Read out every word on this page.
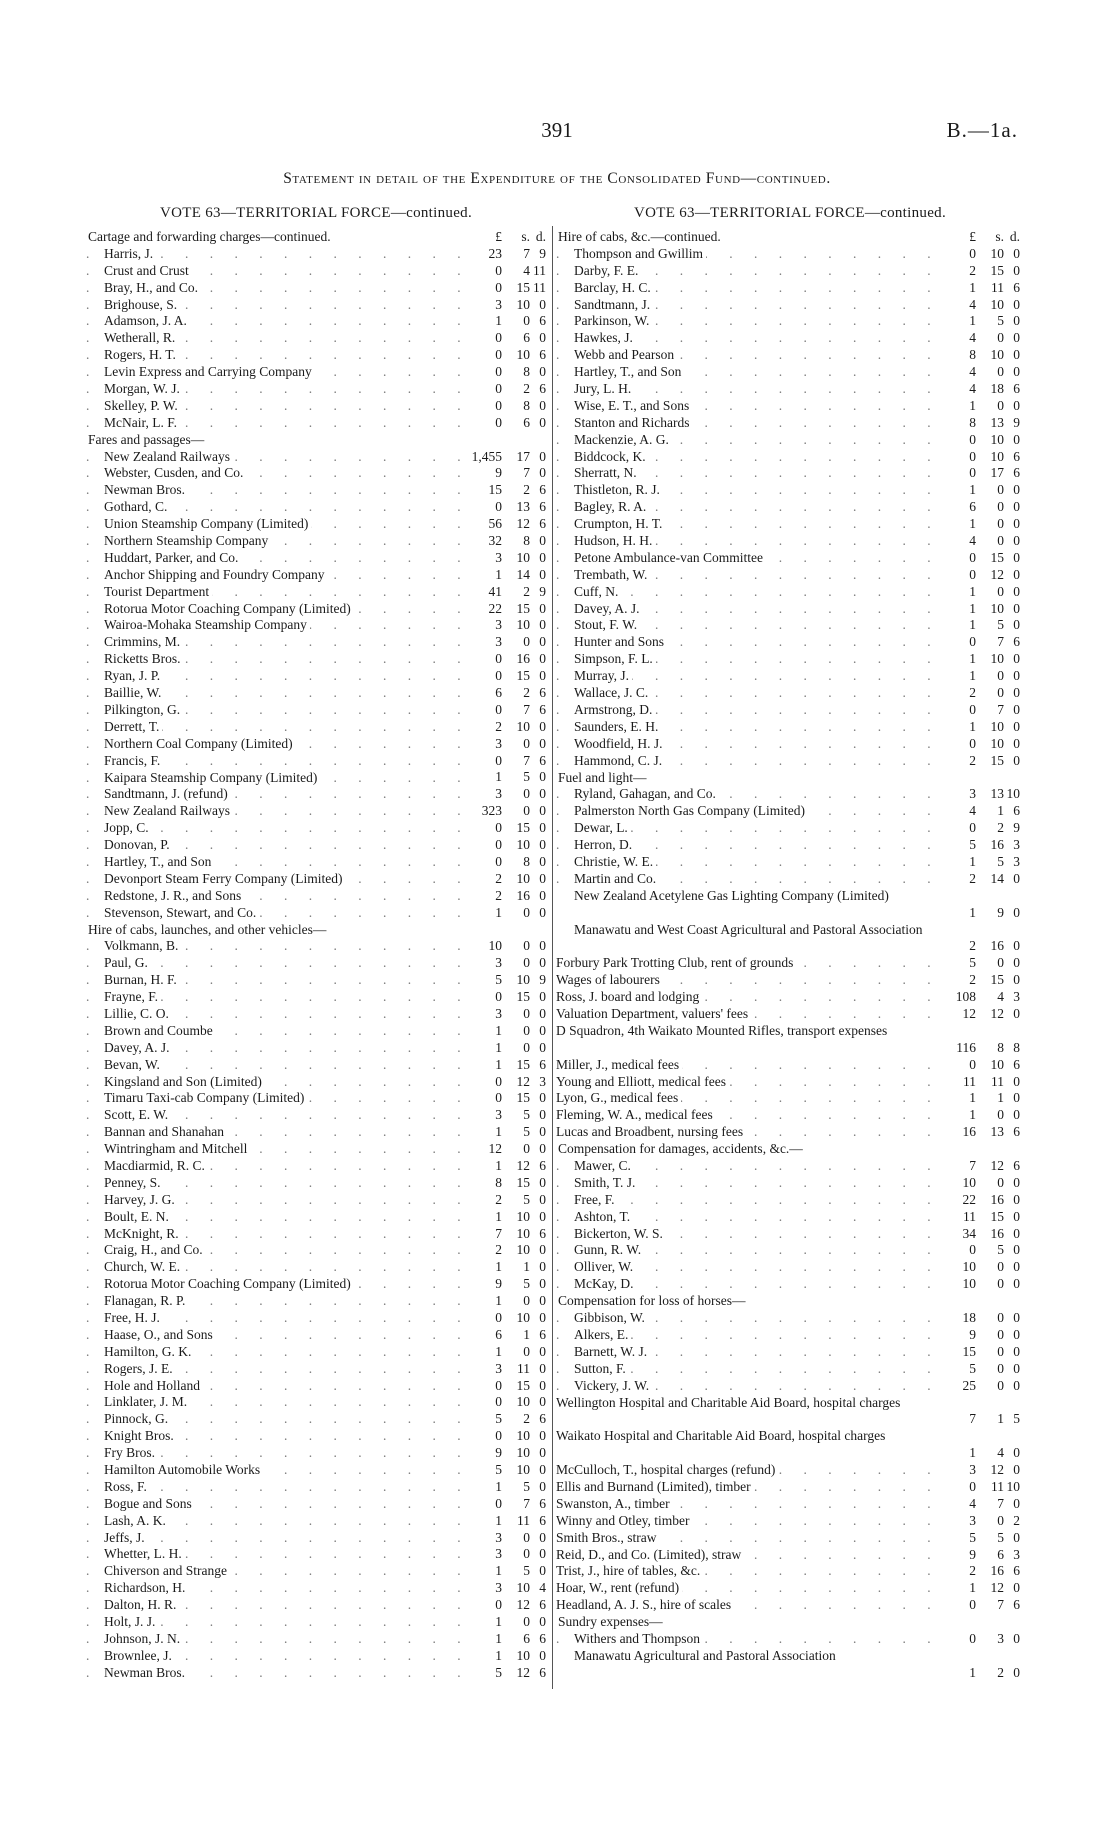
391	B.—1a.
Statement in detail of the Expenditure of the Consolidated Fund—continued.
VOTE 63—TERRITORIAL FORCE—continued.	VOTE 63—TERRITORIAL FORCE—continued.
Cartage and forwarding charges—continued.	£	s. d.
Harris, J. . . .	23	7 9
Crust and Crust . . .	0	4 11
Bray, H., and Co. . . .	0	15 11
Brighouse, S. . . .	3	10 0
Adamson, J. A. . . .	1	0 6
Wetherall, R. . . .	0	6 0
Rogers, H. T. . . .	0	10 6
Levin Express and Carrying Company . . .	0	8 0
Morgan, W. J. . . .	0	2 6
Skelley, P. W. . . .	0	8 0
McNair, L. F. . . .	0	6 0
Fares and passages—
New Zealand Railways . . .	1,455	17 0
Webster, Cusden, and Co. . . .	9	7 0
Newman Bros. . . .	15	2 6
Gothard, C. . . .	0	13 6
Union Steamship Company (Limited) . . .	56	12 6
Northern Steamship Company . . .	32	8 0
Huddart, Parker, and Co. . . .	3	10 0
Anchor Shipping and Foundry Company . . .	1	14 0
Tourist Department . . .	41	2 9
Rotorua Motor Coaching Company (Limited) . . .	22	15 0
Wairoa-Mohaka Steamship Company . . .	3	10 0
Crimmins, M. . . .	3	0 0
Ricketts Bros. . . .	0	16 0
Ryan, J. P. . . .	0	15 0
Baillie, W. . . .	6	2 6
Pilkington, G. . . .	0	7 6
Derrett, T. . . .	2	10 0
Northern Coal Company (Limited) . . .	3	0 0
Francis, F. . . .	0	7 6
Kaipara Steamship Company (Limited) . . .	1	5 0
Sandtmann, J. (refund) . . .	3	0 0
New Zealand Railways . . .	323	0 0
Jopp, C. . . .	0	15 0
Donovan, P. . . .	0	10 0
Hartley, T., and Son . . .	0	8 0
Devonport Steam Ferry Company (Limited) . . .	2	10 0
Redstone, J. R., and Sons . . .	2	16 0
Stevenson, Stewart, and Co. . . .	1	0 0
Hire of cabs, launches, and other vehicles—
Volkmann, B. . . .	10	0 0
Paul, G. . . .	3	0 0
Burnan, H. F. . . .	5	10 9
Frayne, F. . . .	0	15 0
Lillie, C. O. . . .	3	0 0
Brown and Coumbe . . .	1	0 0
Davey, A. J. . . .	1	0 0
Bevan, W. . . .	1	15 6
Kingsland and Son (Limited) . . .	0	12 3
Timaru Taxi-cab Company (Limited) . . .	0	15 0
Scott, E. W. . . .	3	5 0
Bannan and Shanahan . . .	1	5 0
Wintringham and Mitchell . . .	12	0 0
Macdiarmid, R. C. . . .	1	12 6
Penney, S. . . .	8	15 0
Harvey, J. G. . . .	2	5 0
Boult, E. N. . . .	1	10 0
McKnight, R. . . .	7	10 6
Craig, H., and Co. . . .	2	10 0
Church, W. E. . . .	1	1 0
Rotorua Motor Coaching Company (Limited) . . .	9	5 0
Flanagan, R. P. . . .	1	0 0
Free, H. J. . . .	0	10 0
Haase, O., and Sons . . .	6	1 6
Hamilton, G. K. . . .	1	0 0
Rogers, J. E. . . .	3	11 0
Hole and Holland . . .	0	15 0
Linklater, J. M. . . .	0	10 0
Pinnock, G. . . .	5	2 6
Knight Bros. . . .	0	10 0
Fry Bros. . . .	9	10 0
Hamilton Automobile Works . . .	5	10 0
Ross, F. . . .	1	5 0
Bogue and Sons . . .	0	7 6
Lash, A. K. . . .	1	11 6
Jeffs, J. . . .	3	0 0
Whetter, L. H. . . .	3	0 0
Chiverson and Strange . . .	1	5 0
Richardson, H. . . .	3	10 4
Dalton, H. R. . . .	0	12 6
Holt, J. J. . . .	1	0 0
Johnson, J. N. . . .	1	6 6
Brownlee, J. . . .	1	10 0
Newman Bros. . . .	5	12 6
Hire of cabs, &c.—continued.	£	s. d.
Thompson and Gwillim . . .	0	10 0
Darby, F. E. . . .	2	15 0
Barclay, H. C. . . .	1	11 6
Sandtmann, J. . . .	4	10 0
Parkinson, W. . . .	1	5 0
Hawkes, J. . . .	4	0 0
Webb and Pearson . . .	8	10 0
Hartley, T., and Son . . .	4	0 0
Jury, L. H. . . .	4	18 6
Wise, E. T., and Sons . . .	1	0 0
Stanton and Richards . . .	8	13 9
Mackenzie, A. G. . . .	0	10 0
Biddcock, K. . . .	0	10 6
Sherratt, N. . . .	0	17 6
Thistleton, R. J. . . .	1	0 0
Bagley, R. A. . . .	6	0 0
Crumpton, H. T. . . .	1	0 0
Hudson, H. H. . . .	4	0 0
Petone Ambulance-van Committee . . .	0	15 0
Trembath, W. . . .	0	12 0
Cuff, N. . . .	1	0 0
Davey, A. J. . . .	1	10 0
Stout, F. W. . . .	1	5 0
Hunter and Sons . . .	0	7 6
Simpson, F. L. . . .	1	10 0
Murray, J. . . .	1	0 0
Wallace, J. C. . . .	2	0 0
Armstrong, D. . . .	0	7 0
Saunders, E. H. . . .	1	10 0
Woodfield, H. J. . . .	0	10 0
Hammond, C. J. . . .	2	15 0
Fuel and light—
Ryland, Gahagan, and Co. . . .	3	13 10
Palmerston North Gas Company (Limited) . . .	4	1 6
Dewar, L. . . .	0	2 9
Herron, D. . . .	5	16 3
Christie, W. E. . . .	1	5 3
Martin and Co. . . .	2	14 0
New Zealand Acetylene Gas Lighting Company (Limited) . . .
1	9 0
Manawatu and West Coast Agricultural and Pastoral Association . . .
2	16 0
Forbury Park Trotting Club, rent of grounds . . .	5	0 0
Wages of labourers . . .	2	15 0
Ross, J. board and lodging . . .	108	4 3
Valuation Department, valuers' fees . . .	12	12 0
D Squadron, 4th Waikato Mounted Rifles, transport expenses . . .
116	8 8
Miller, J., medical fees . . .	0	10 6
Young and Elliott, medical fees . . .	11	11 0
Lyon, G., medical fees . . .	1	1 0
Fleming, W. A., medical fees . . .	1	0 0
Lucas and Broadbent, nursing fees . . .	16	13 6
Compensation for damages, accidents, &c.—
Mawer, C. . . .	7	12 6
Smith, T. J. . . .	10	0 0
Free, F. . . .	22	16 0
Ashton, T. . . .	11	15 0
Bickerton, W. S. . . .	34	16 0
Gunn, R. W. . . .	0	5 0
Olliver, W. . . .	10	0 0
McKay, D. . . .	10	0 0
Compensation for loss of horses—
Gibbison, W. . . .	18	0 0
Alkers, E. . . .	9	0 0
Barnett, W. J. . . .	15	0 0
Sutton, F. . . .	5	0 0
Vickery, J. W. . . .	25	0 0
Wellington Hospital and Charitable Aid Board, hospital charges . . .
7	1 5
Waikato Hospital and Charitable Aid Board, hospital charges . . .
1	4 0
McCulloch, T., hospital charges (refund) . . .	3	12 0
Ellis and Burnand (Limited), timber . . .	0	11 10
Swanston, A., timber . . .	4	7 0
Winny and Otley, timber . . .	3	0 2
Smith Bros., straw . . .	5	5 0
Reid, D., and Co. (Limited), straw . . .	9	6 3
Trist, J., hire of tables, &c. . . .	2	16 6
Hoar, W., rent (refund) . . .	1	12 0
Headland, A. J. S., hire of scales . . .	0	7 6
Sundry expenses—
Withers and Thompson . . .	0	3 0
Manawatu Agricultural and Pastoral Association . . .
1	2 0
